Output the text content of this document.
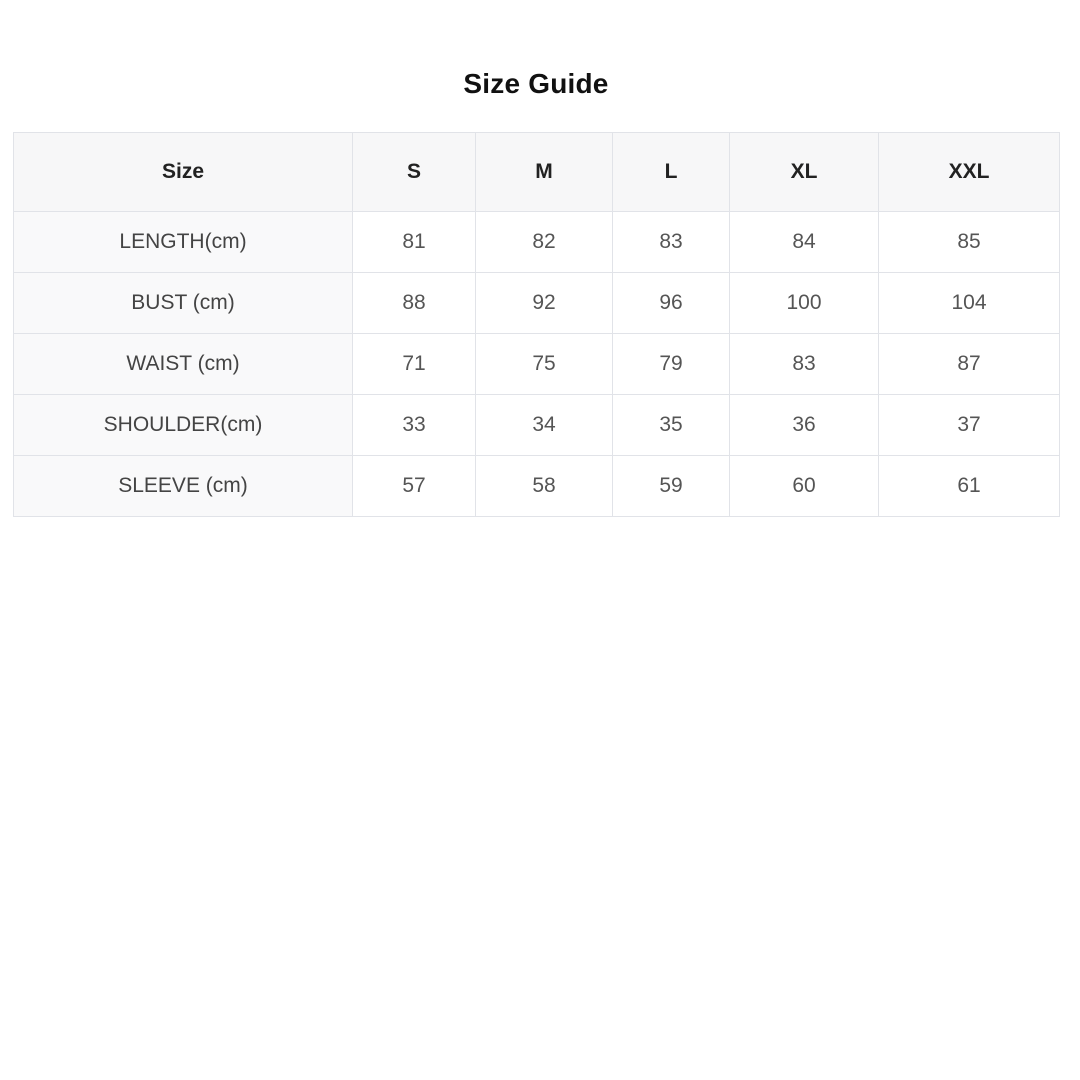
Size Guide
Size	S	M	L	XL	XXL
LENGTH(cm)	81	82	83	84	85
BUST (cm)	88	92	96	100	104
WAIST (cm)	71	75	79	83	87
SHOULDER(cm)	33	34	35	36	37
SLEEVE (cm)	57	58	59	60	61
